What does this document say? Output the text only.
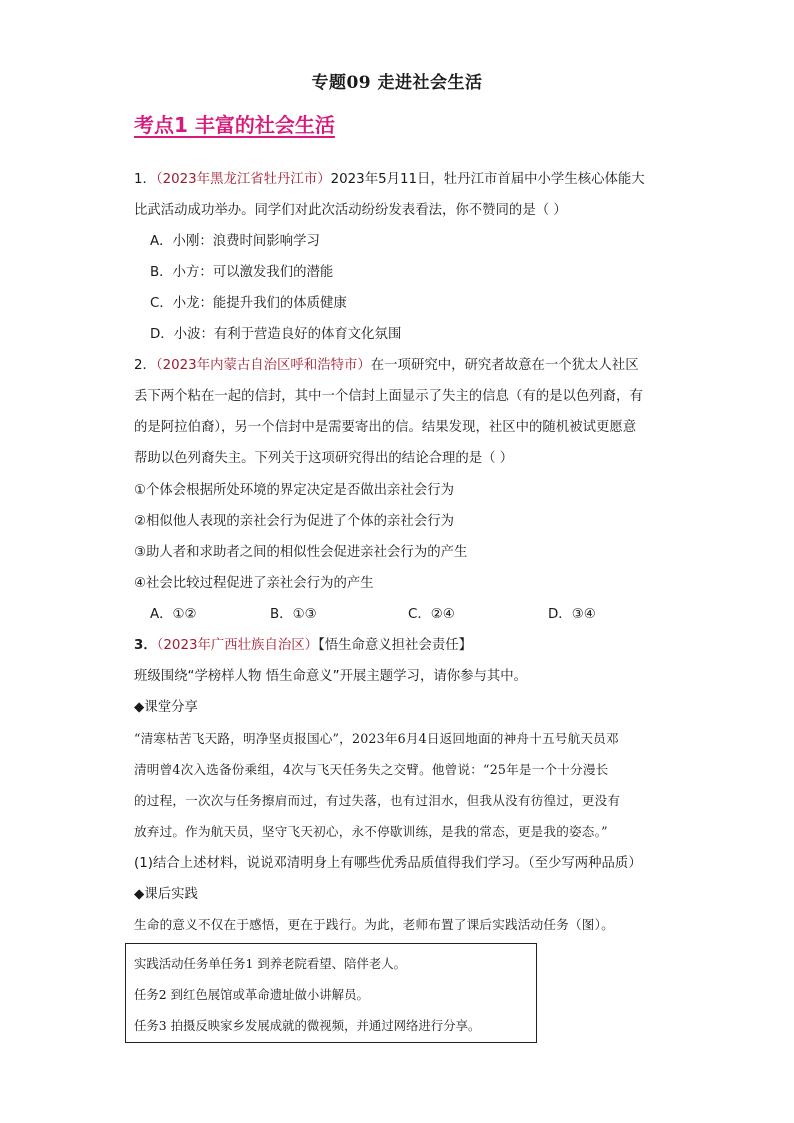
专题09 走进社会生活
考点1 丰富的社会生活
1．（2023年黑龙江省牡丹江市）2023年5月11日，牡丹江市首届中小学生核心体能大
比武活动成功举办。同学们对此次活动纷纷发表看法，你不赞同的是（ ）
A．小刚：浪费时间影响学习
B．小方：可以激发我们的潜能
C．小龙：能提升我们的体质健康
D．小波：有利于营造良好的体育文化氛围
2．（2023年内蒙古自治区呼和浩特市）在一项研究中，研究者故意在一个犹太人社区
丢下两个粘在一起的信封，其中一个信封上面显示了失主的信息（有的是以色列裔，有
的是阿拉伯裔），另一个信封中是需要寄出的信。结果发现，社区中的随机被试更愿意
帮助以色列裔失主。下列关于这项研究得出的结论合理的是（ ）
①个体会根据所处环境的界定决定是否做出亲社会行为
②相似他人表现的亲社会行为促进了个体的亲社会行为
③助人者和求助者之间的相似性会促进亲社会行为的产生
④社会比较过程促进了亲社会行为的产生
A．①②	B．①③	C．②④	D．③④
3．（2023年广西壮族自治区）【悟生命意义担社会责任】
班级围绕“学榜样人物 悟生命意义”开展主题学习，请你参与其中。
◆课堂分享
“清寒枯苦飞天路，明净坚贞报国心”，2023年6月4日返回地面的神舟十五号航天员邓
清明曾4次入选备份乘组，4次与飞天任务失之交臂。他曾说：“25年是一个十分漫长
的过程，一次次与任务擦肩而过，有过失落，也有过泪水，但我从没有彷徨过，更没有
放弃过。作为航天员，坚守飞天初心，永不停歇训练，是我的常态，更是我的姿态。”
(1)结合上述材料，说说邓清明身上有哪些优秀品质值得我们学习。（至少写两种品质）
◆课后实践
生命的意义不仅在于感悟，更在于践行。为此，老师布置了课后实践活动任务（图）。
实践活动任务单任务1 到养老院看望、陪伴老人。
任务2 到红色展馆或革命遗址做小讲解员。
任务3 拍摄反映家乡发展成就的微视频，并通过网络进行分享。
